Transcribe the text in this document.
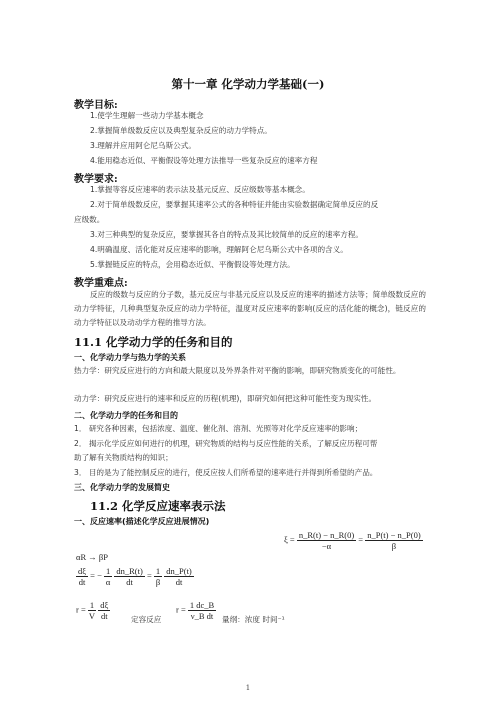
第十一章 化学动力学基础(一)
教学目标:
1.使学生理解一些动力学基本概念
2.掌握简单级数反应以及典型复杂反应的动力学特点。
3.理解并应用阿仑尼乌斯公式。
4.能用稳态近似、平衡假设等处理方法推导一些复杂反应的速率方程
教学要求:
1.掌握等容反应速率的表示法及基元反应、反应级数等基本概念。
2.对于简单级数反应，要掌握其速率公式的各种特征并能由实验数据确定简单反应的反
应级数。
3.对三种典型的复杂反应，要掌握其各自的特点及其比较简单的反应的速率方程。
4.明确温度、活化能对反应速率的影响，理解阿仑尼乌斯公式中各项的含义。
5.掌握链反应的特点，会用稳态近似、平衡假设等处理方法。
教学重难点:
反应的级数与反应的分子数，基元反应与非基元反应以及反应的速率的描述方法等；简单级数反应的动力学特征，几种典型复杂反应的动力学特征，温度对反应速率的影响(反应的活化能的概念)，链反应的动力学特征以及动动学方程的推导方法。
11.1 化学动力学的任务和目的
一、化学动力学与热力学的关系
热力学：研究反应进行的方向和最大限度以及外界条件对平衡的影响，即研究物质变化的可能性。
动力学：研究反应进行的速率和反应的历程(机理)，即研究如何把这种可能性变为现实性。
二、化学动力学的任务和目的
1． 研究各种因素，包括浓度、温度、催化剂、溶剂、光照等对化学反应速率的影响；
2． 揭示化学反应如何进行的机理，研究物质的结构与反应性能的关系，了解反应历程可帮
助了解有关物质结构的知识；
3． 目的是为了能控制反应的进行，使反应按人们所希望的速率进行并得到所希望的产品。
三、化学动力学的发展简史
11.2 化学反应速率表示法
一、反应速率(描述化学反应进展情况)
$\xi = \frac{n\_R(t) - n\_R(0)}{-\alpha} = \frac{n\_P(t) - n\_P(0)}{\beta}$
αR → βP
$\frac{d\xi}{dt}$ = − $\frac{1}{\alpha}$
$\frac{dn\_R(t)}{dt} = \frac{1}{\beta}$
$\frac{dn\_P(t)}{dt}$
$r = \frac{1}{V}$
$\frac{d\xi}{dt}$	定容反应
$r = \frac{1 dc\_B}{\text{ν\_B dt}}$ 量纲：浓度 时间⁻¹
1
